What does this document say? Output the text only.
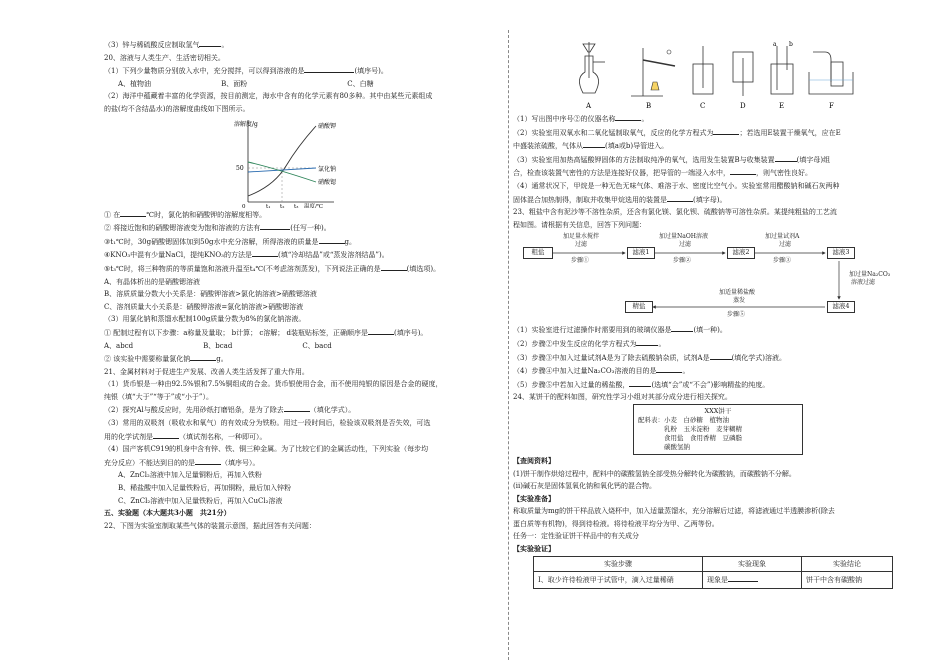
（3）锌与稀硫酸反应制取氢气	。
20、溶液与人类生产、生活密切相关。
（1）下列少量物质分别放入水中，充分搅拌，可以得到溶液的是	(填序号)。
A、植物油	B、面粉	C、白糖
（2）海洋中蕴藏着丰富的化学资源，按目前测定，海水中含有的化学元素有80多种。其中由某些元素组成
的盐(均不含结晶水)的溶解度曲线如下图所示。
溶解度/g
50
0	t₁ t₂ t₃ 温度/℃
硝酸钾
氯化钠
硝酸锶
① 在	℃时，氯化钠和硝酸钾的溶解度相等。
② 将接近饱和的硝酸锶溶液变为饱和溶液的方法有	(任写一种)。
③t₁℃时，30g硝酸锶固体加到50g水中充分溶解，所得溶液的质量是	g。
④KNO₃中混有少量NaCl，提纯KNO₃的方法是	(填“冷却结晶”或“蒸发溶剂结晶”)。
⑤t₃℃时，将三种物质的等质量饱和溶液升温至t₄℃(不考虑溶剂蒸发)，下列说法正确的是	(填选项)。
A、有晶体析出的是硝酸锶溶液
B、溶质质量分数大小关系是：硝酸钾溶液>氯化钠溶液>硝酸锶溶液
C、溶剂质量大小关系是：硝酸钾溶液=氯化钠溶液>硝酸锶溶液
（3）用氯化钠和蒸馏水配制100g质量分数为8%的氯化钠溶液。
① 配制过程有以下步骤：a称量及量取； b计算； c溶解； d装瓶贴标签，正确顺序是	(填序号)。
A、abcd	B、bcad	C、bacd
② 该实验中需要称量氯化钠	g。
21、金属材料对于促进生产发展、改善人类生活发挥了重大作用。
（1）货币银是一种由92.5%银和7.5%铜组成的合金。货币银使用合金，而不使用纯银的原因是合金的硬度，
纯银（填“大于”“等于”或“小于”）。
（2）探究Al与酸反应时，先用砂纸打磨铝条，是为了除去	（填化学式）。
（3）常用的双吸剂（吸收水和氧气）的有效成分为铁粉。用过一段时间后，检验该双吸剂是否失效，可选
用的化学试剂是	（填试剂名称，一种即可）。
（4）国产客机C919的机身中含有锌、铁、铜三种金属。为了比较它们的金属活动性，下列实验（每步均
充分反应）不能达到目的的是	（填序号）。
A、ZnCl₂溶液中加入足量铜粉后，再加入铁粉
B、稀盐酸中加入足量铁粉后，再加铜粉，最后加入锌粉
C、ZnCl₂溶液中加入足量铁粉后，再加入CuCl₂溶液
五、实验题（本大题共3小题　共21分）
22、下图为实验室制取某些气体的装置示意图，据此回答有关问题：
a b
A	B	C	D	E	F
（1）写出图中序号②的仪器名称	。
（2）实验室用双氧水和二氧化锰制取氧气，反应的化学方程式为	；若选用E装置干燥氧气，应在E
中盛装浓硫酸，气体从	(填a或b)导管进入。
（3）实验室用加热高锰酸钾固体的方法制取纯净的氧气，选用发生装置B与收集装置	(填字母)组
合，检查该装置气密性的方法是连接好仪器，把导管的一端浸入水中，	，则气密性良好。
（4）通常状况下，甲烷是一种无色无味气体、难溶于水、密度比空气小。实验室常用醋酸钠和碱石灰两种
固体混合加热制得，制取并收集甲烷选用的装置是	(填字母)。
23、粗盐中含有泥沙等不溶性杂质，还含有氯化镁、氯化钡、硫酸钠等可溶性杂质。某提纯粗盐的工艺流
程如图。请根据有关信息，回答下列问题：
粗盐	滤液1	滤液2	滤液3
滤液4
精盐
加足量水搅拌
过滤
步骤①
加过量NaOH溶液
过滤
步骤②
加过量试剂A
过滤
步骤③
加过量Na₂CO₃
溶液过滤
加适量稀盐酸
蒸发
步骤⑤
（1）实验室进行过滤操作时需要用到的玻璃仪器是	(填一种)。
（2）步骤②中发生反应的化学方程式为	。
（3）步骤③中加入过量试剂A是为了除去硫酸钠杂质，试剂A是	(填化学式)溶液。
（4）步骤④中加入过量Na₂CO₃溶液的目的是	。
（5）步骤⑤中若加入过量的稀盐酸，	(选填“会”或“不会”)影响精盐的纯度。
24、某饼干的配料如图，研究性学习小组对其部分成分进行相关探究。
XXX饼干
配料表：小麦　白砂糖　植物油
　　　　乳粉　玉米淀粉　麦芽糊精
　　　　食用盐　食用香精　豆磷脂
　　　　碳酸氢钠
【查阅资料】
(1)饼干制作烘焙过程中，配料中的碳酸氢钠全部受热分解转化为碳酸钠，而碳酸钠不分解。
(ii)碱石灰是固体氢氧化钠和氧化钙的混合物。
【实验准备】
称取质量为mg的饼干样品放入烧杯中，加入适量蒸馏水，充分溶解后过滤，将滤液通过半透膜渗析(除去
蛋白质等有机物)，得到待检液。将待检液平均分为甲、乙两等份。
任务一：定性验证饼干样品中的有关成分
【实验验证】
实验步骤	实验现象	实验结论
I、取少许待检液甲于试管中，滴入过量稀硝	现象是	饼干中含有碳酸钠
